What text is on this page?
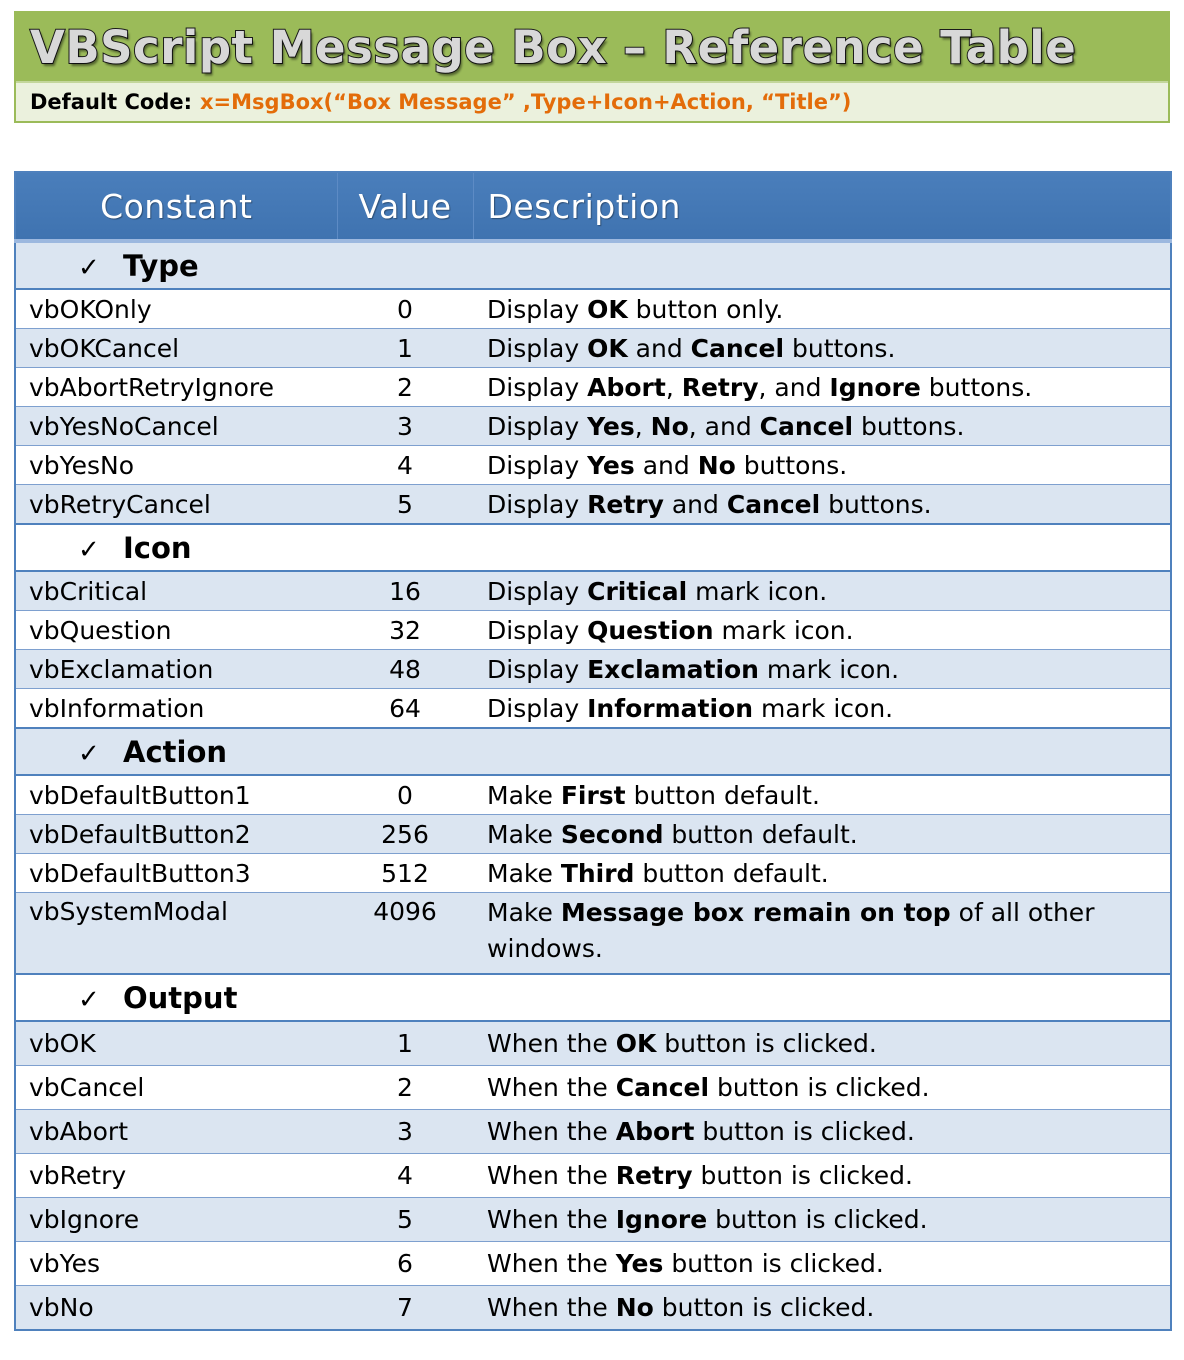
VBScript Message Box – Reference Table
Default Code: x=MsgBox(“Box Message” ,Type+Icon+Action, “Title”)
Constant	Value	Description
✓ Type		
vbOKOnly	0	Display OK button only.
vbOKCancel	1	Display OK and Cancel buttons.
vbAbortRetryIgnore	2	Display Abort, Retry, and Ignore buttons.
vbYesNoCancel	3	Display Yes, No, and Cancel buttons.
vbYesNo	4	Display Yes and No buttons.
vbRetryCancel	5	Display Retry and Cancel buttons.
✓ Icon		
vbCritical	16	Display Critical mark icon.
vbQuestion	32	Display Question mark icon.
vbExclamation	48	Display Exclamation mark icon.
vbInformation	64	Display Information mark icon.
✓ Action		
vbDefaultButton1	0	Make First button default.
vbDefaultButton2	256	Make Second button default.
vbDefaultButton3	512	Make Third button default.
vbSystemModal	4096	Make Message box remain on top of all other windows.
✓ Output		
vbOK	1	When the OK button is clicked.
vbCancel	2	When the Cancel button is clicked.
vbAbort	3	When the Abort button is clicked.
vbRetry	4	When the Retry button is clicked.
vbIgnore	5	When the Ignore button is clicked.
vbYes	6	When the Yes button is clicked.
vbNo	7	When the No button is clicked.
